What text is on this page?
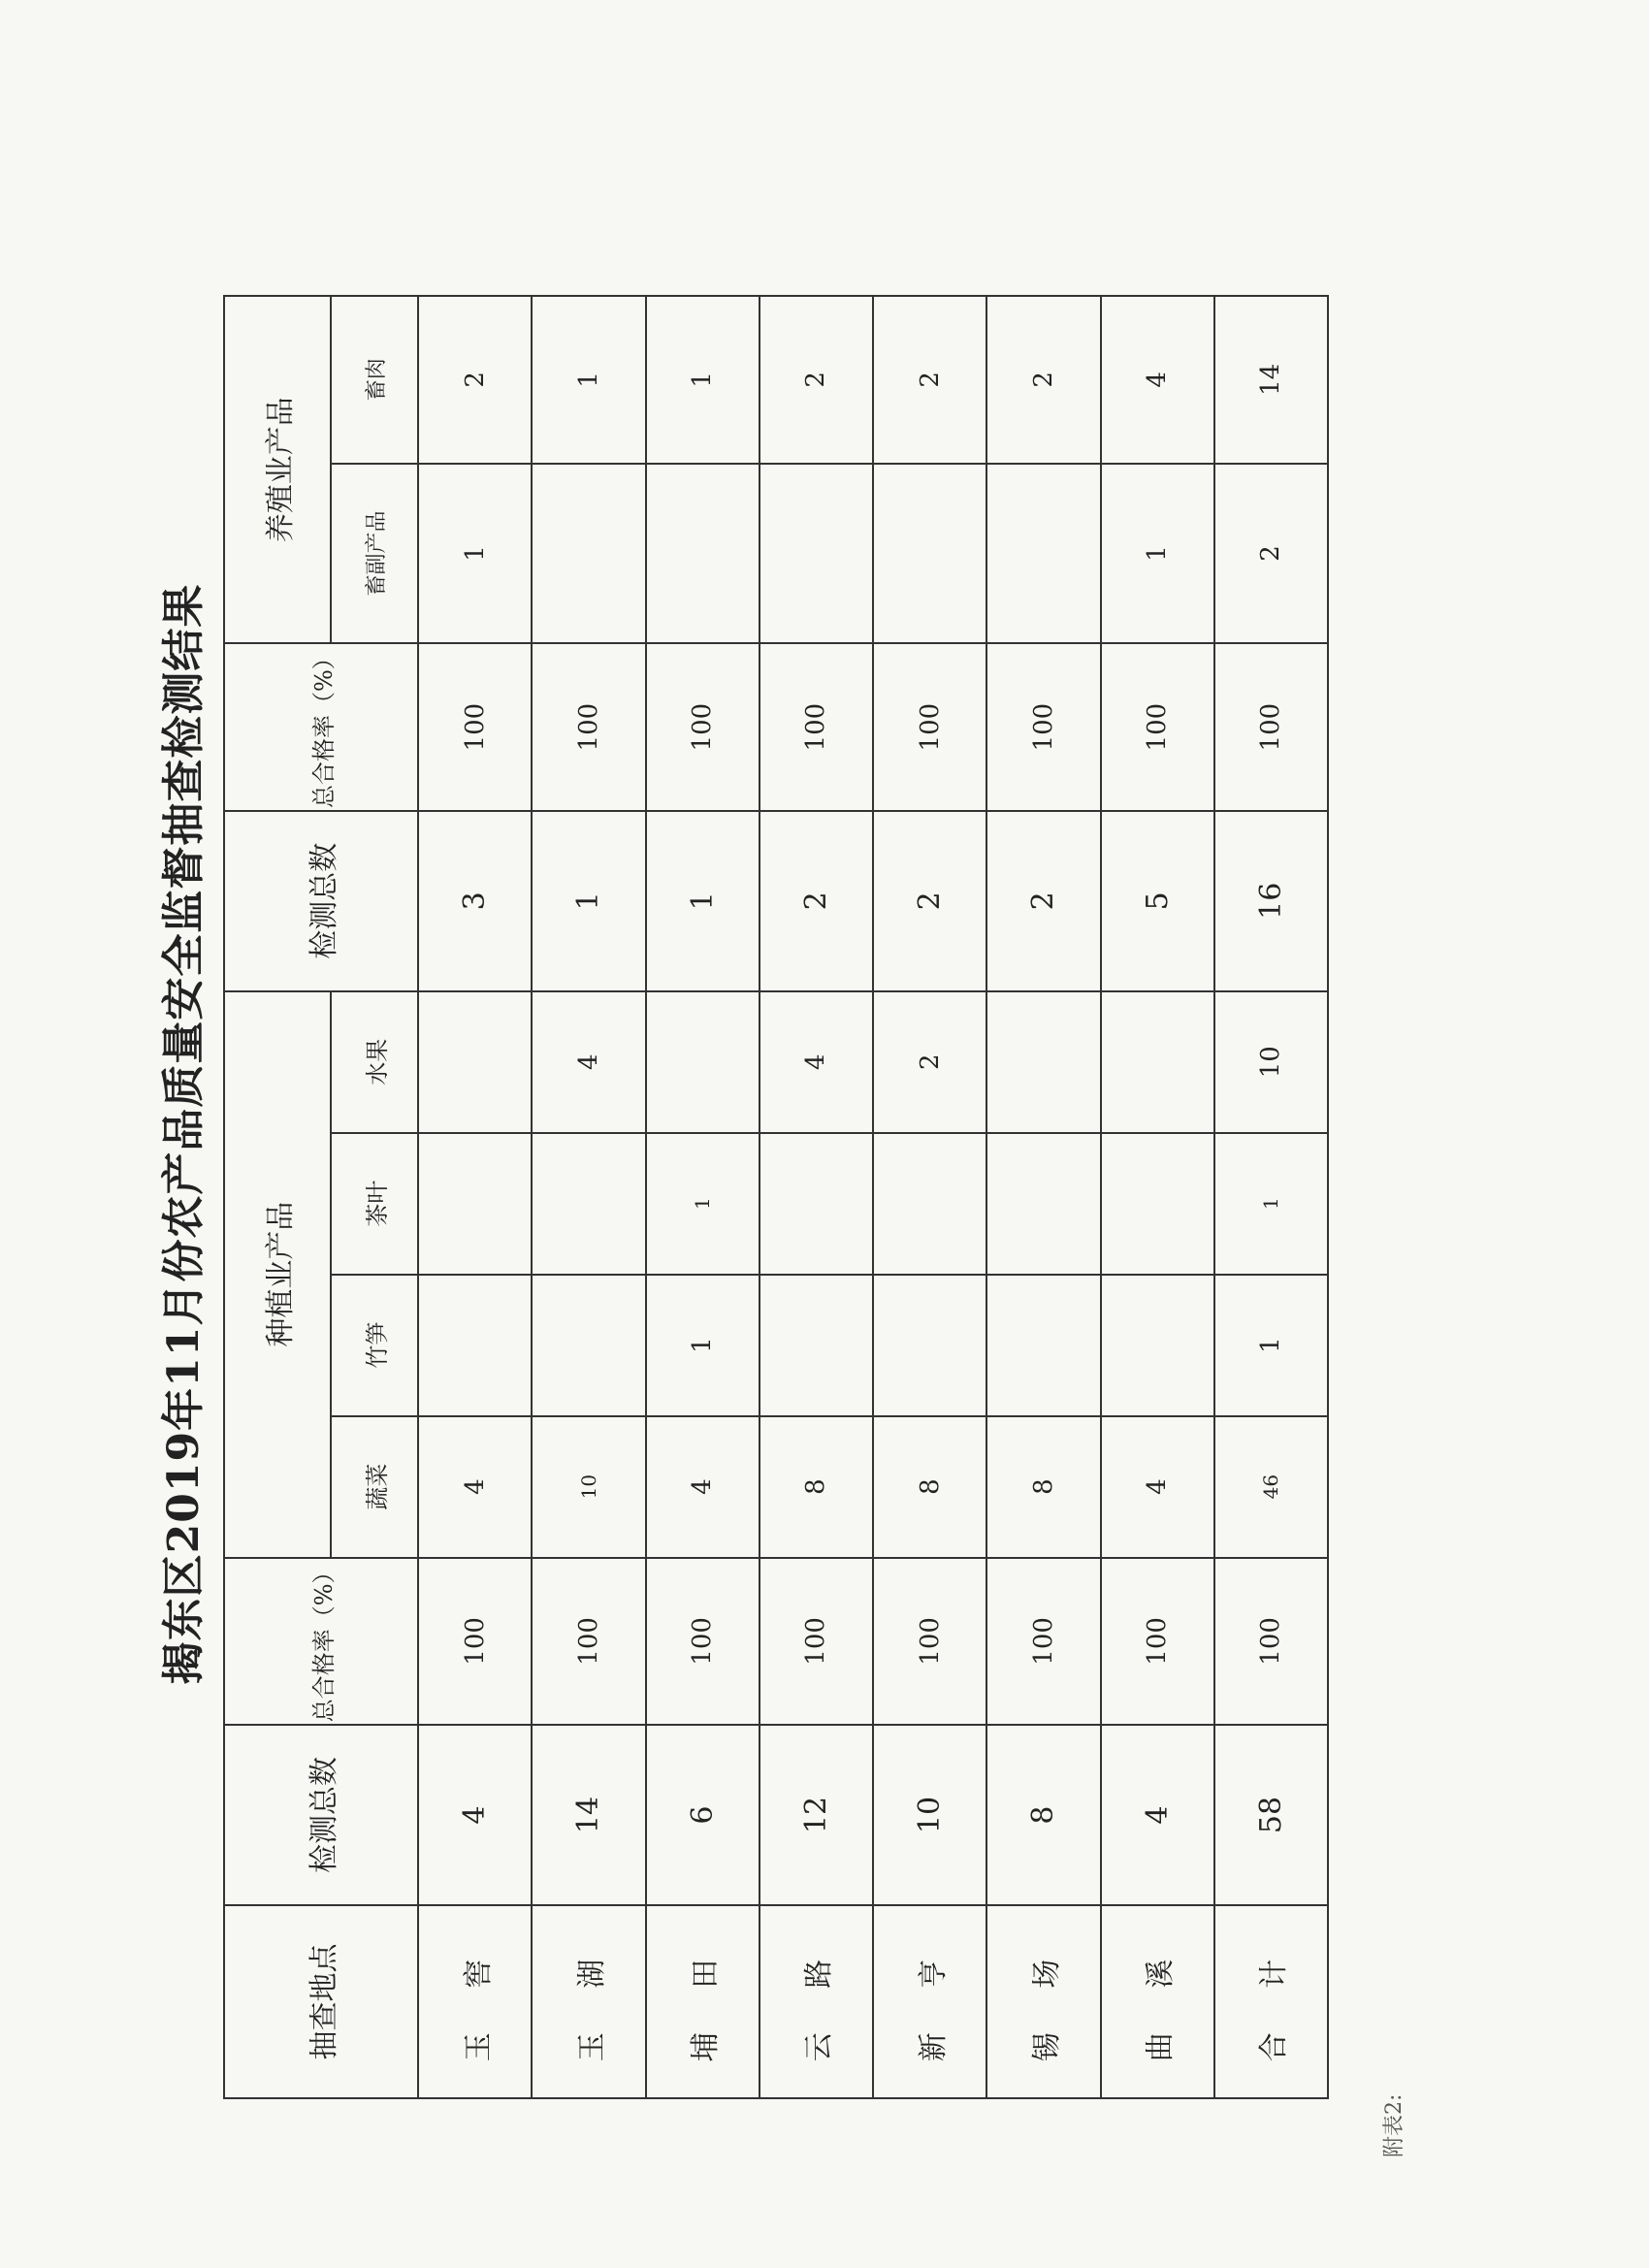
揭东区2019年11月份农产品质量安全监督抽查检测结果
附表2:
抽查地点	检测总数	总合格率（%）	种植业产品				检测总数	总合格率（%）	养殖业产品	
			蔬菜	竹笋	茶叶	水果			畜副产品	畜肉
玉 窖	4	100	4				3	100	1	2
玉 湖	14	100	10			4	1	100		1
埔 田	6	100	4	1	1		1	100		1
云 路	12	100	8			4	2	100		2
新 亨	10	100	8			2	2	100		2
锡 场	8	100	8				2	100		2
曲 溪	4	100	4				5	100	1	4
合 计	58	100	46	1	1	10	16	100	2	14
